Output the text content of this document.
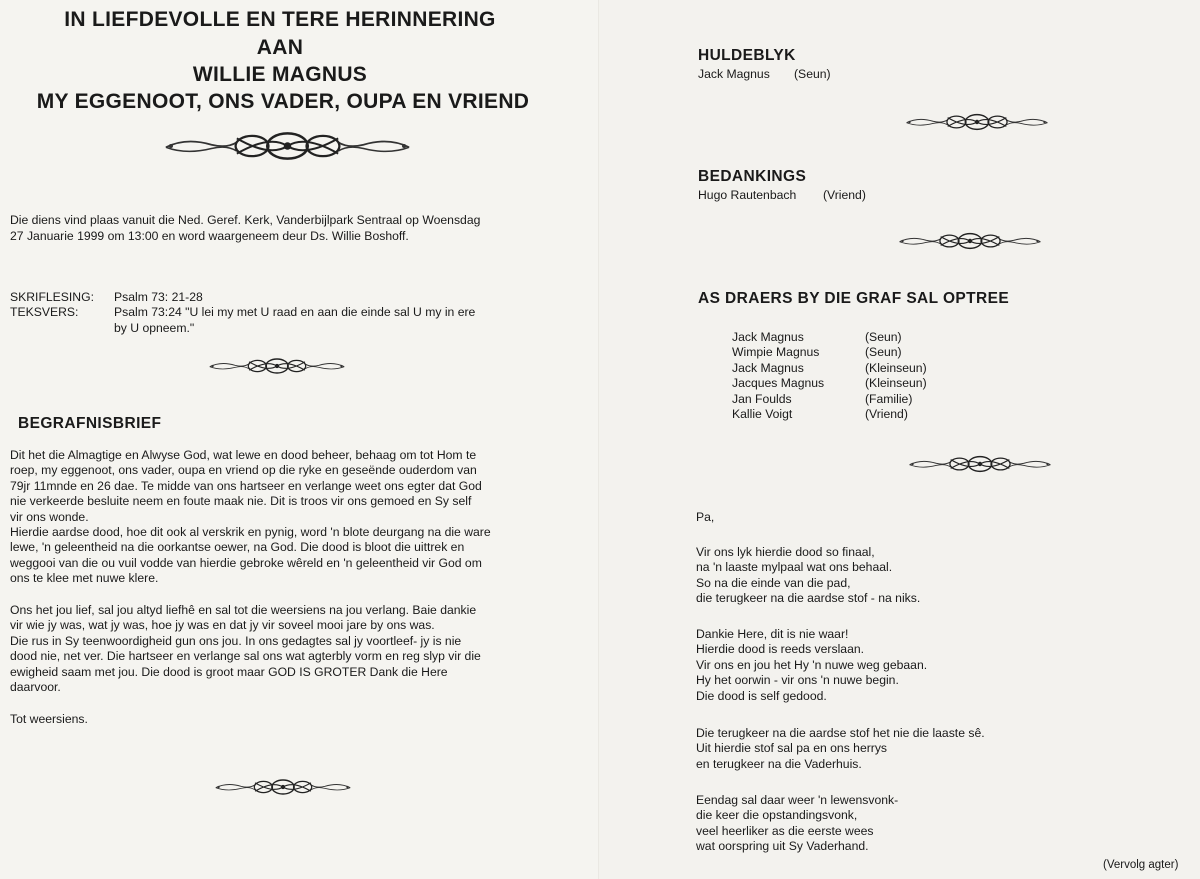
IN LIEFDEVOLLE EN TERE HERINNERING
AAN
WILLIE MAGNUS
MY EGGENOOT, ONS VADER, OUPA EN VRIEND
Die diens vind plaas vanuit die Ned. Geref. Kerk, Vanderbijlpark Sentraal op Woensdag
27 Januarie 1999 om 13:00 en word waargeneem deur Ds. Willie Boshoff.
SKRIFLESING: Psalm 73: 21-28
TEKSVERS:	Psalm 73:24 "U lei my met U raad en aan die einde sal U my in ere
by U opneem."
BEGRAFNISBRIEF
Dit het die Almagtige en Alwyse God, wat lewe en dood beheer, behaag om tot Hom te
roep, my eggenoot, ons vader, oupa en vriend op die ryke en geseënde ouderdom van
79jr 11mnde en 26 dae. Te midde van ons hartseer en verlange weet ons egter dat God
nie verkeerde besluite neem en foute maak nie. Dit is troos vir ons gemoed en Sy self
vir ons wonde.
Hierdie aardse dood, hoe dit ook al verskrik en pynig, word 'n blote deurgang na die ware
lewe, 'n geleentheid na die oorkantse oewer, na God. Die dood is bloot die uittrek en
weggooi van die ou vuil vodde van hierdie gebroke wêreld en 'n geleentheid vir God om
ons te klee met nuwe klere.
Ons het jou lief, sal jou altyd liefhê en sal tot die weersiens na jou verlang. Baie dankie
vir wie jy was, wat jy was, hoe jy was en dat jy vir soveel mooi jare by ons was.
Die rus in Sy teenwoordigheid gun ons jou. In ons gedagtes sal jy voortleef- jy is nie
dood nie, net ver. Die hartseer en verlange sal ons wat agterbly vorm en reg slyp vir die
ewigheid saam met jou. Die dood is groot maar GOD IS GROTER Dank die Here
daarvoor.
Tot weersiens.
HULDEBLYK
Jack Magnus (Seun)
BEDANKINGS
Hugo Rautenbach (Vriend)
AS DRAERS BY DIE GRAF SAL OPTREE
Jack Magnus
Wimpie Magnus
Jack Magnus
Jacques Magnus
Jan Foulds
Kallie Voigt
(Seun)
(Seun)
(Kleinseun)
(Kleinseun)
(Familie)
(Vriend)
Pa,
Vir ons lyk hierdie dood so finaal,
na 'n laaste mylpaal wat ons behaal.
So na die einde van die pad,
die terugkeer na die aardse stof - na niks.
Dankie Here, dit is nie waar!
Hierdie dood is reeds verslaan.
Vir ons en jou het Hy 'n nuwe weg gebaan.
Hy het oorwin - vir ons 'n nuwe begin.
Die dood is self gedood.
Die terugkeer na die aardse stof het nie die laaste sê.
Uit hierdie stof sal pa en ons herrys
en terugkeer na die Vaderhuis.
Eendag sal daar weer 'n lewensvonk-
die keer die opstandingsvonk,
veel heerliker as die eerste wees
wat oorspring uit Sy Vaderhand.
(Vervolg agter)
